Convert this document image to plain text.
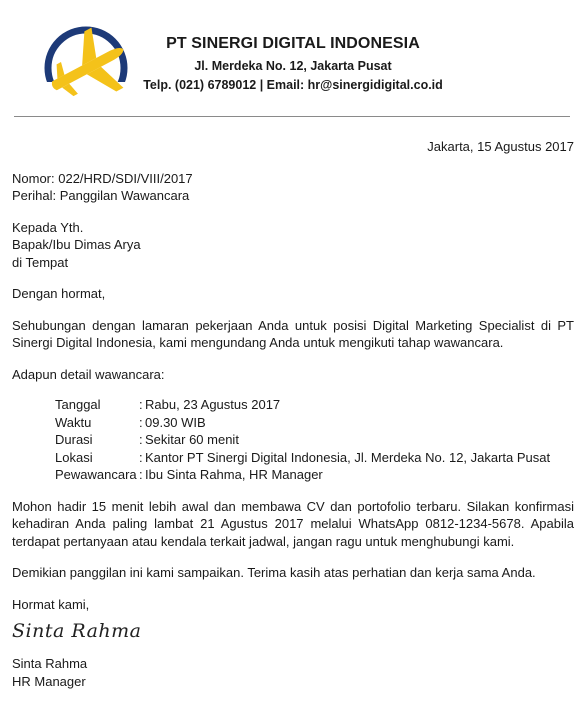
PT SINERGI DIGITAL INDONESIA
Jl. Merdeka No. 12, Jakarta Pusat
Telp. (021) 6789012 | Email: hr@sinergidigital.co.id
Jakarta, 15 Agustus 2017
Nomor: 022/HRD/SDI/VIII/2017
Perihal: Panggilan Wawancara
Kepada Yth.
Bapak/Ibu Dimas Arya
di Tempat
Dengan hormat,

Sehubungan dengan lamaran pekerjaan Anda untuk posisi Digital Marketing Specialist di PT Sinergi Digital Indonesia, kami mengundang Anda untuk mengikuti tahap wawancara.

Adapun detail wawancara:
Tanggal	:	Rabu, 23 Agustus 2017
Waktu	:	09.30 WIB
Durasi	:	Sekitar 60 menit
Lokasi	:	Kantor PT Sinergi Digital Indonesia, Jl. Merdeka No. 12, Jakarta Pusat
Pewawancara	:	Ibu Sinta Rahma, HR Manager

Mohon hadir 15 menit lebih awal dan membawa CV dan portofolio terbaru. Silakan konfirmasi kehadiran Anda paling lambat 21 Agustus 2017 melalui WhatsApp 0812-1234-5678. Apabila terdapat pertanyaan atau kendala terkait jadwal, jangan ragu untuk menghubungi kami.

Demikian panggilan ini kami sampaikan. Terima kasih atas perhatian dan kerja sama Anda.

Hormat kami,
Sinta Rahma
Sinta Rahma
HR Manager
